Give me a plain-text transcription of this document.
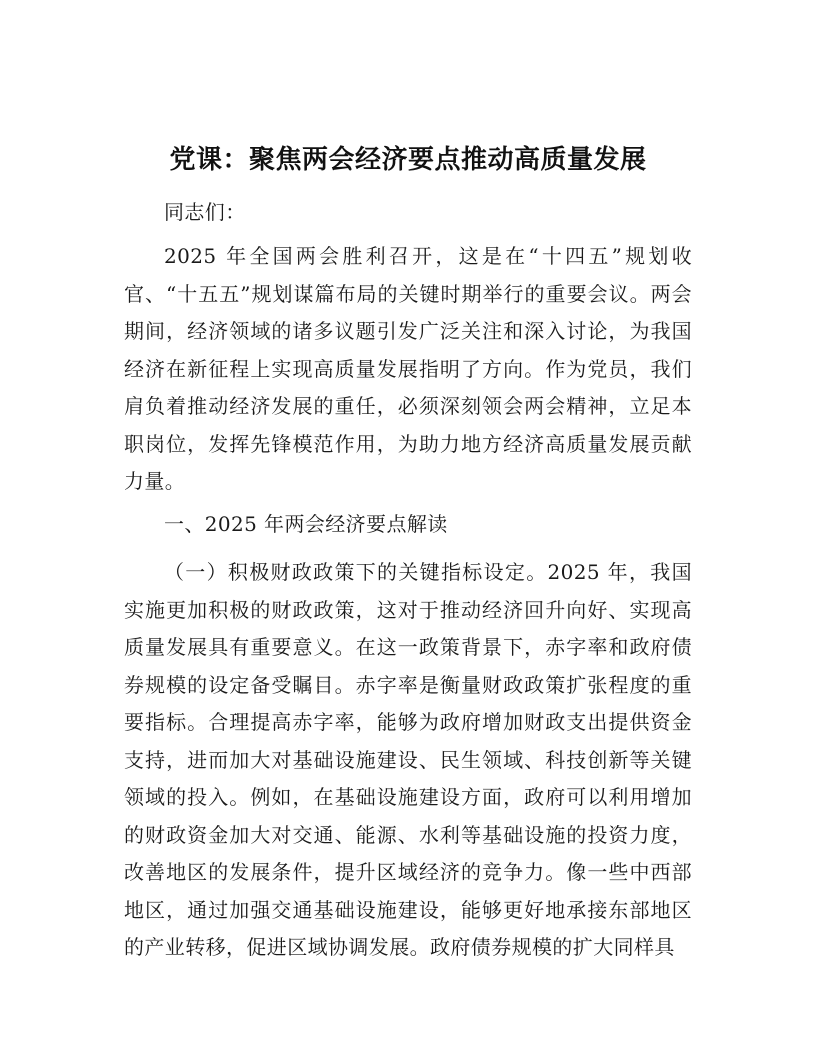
党课：聚焦两会经济要点推动高质量发展
同志们：
2025 年全国两会胜利召开，这是在“十四五”规划收官、“十五五”规划谋篇布局的关键时期举行的重要会议。两会期间，经济领域的诸多议题引发广泛关注和深入讨论，为我国经济在新征程上实现高质量发展指明了方向。作为党员，我们肩负着推动经济发展的重任，必须深刻领会两会精神，立足本职岗位，发挥先锋模范作用，为助力地方经济高质量发展贡献力量。
一、2025 年两会经济要点解读
（一）积极财政政策下的关键指标设定。2025 年，我国实施更加积极的财政政策，这对于推动经济回升向好、实现高质量发展具有重要意义。在这一政策背景下，赤字率和政府债券规模的设定备受瞩目。赤字率是衡量财政政策扩张程度的重要指标。合理提高赤字率，能够为政府增加财政支出提供资金支持，进而加大对基础设施建设、民生领域、科技创新等关键领域的投入。例如，在基础设施建设方面，政府可以利用增加的财政资金加大对交通、能源、水利等基础设施的投资力度，改善地区的发展条件，提升区域经济的竞争力。像一些中西部地区，通过加强交通基础设施建设，能够更好地承接东部地区的产业转移，促进区域协调发展。政府债券规模的扩大同样具
